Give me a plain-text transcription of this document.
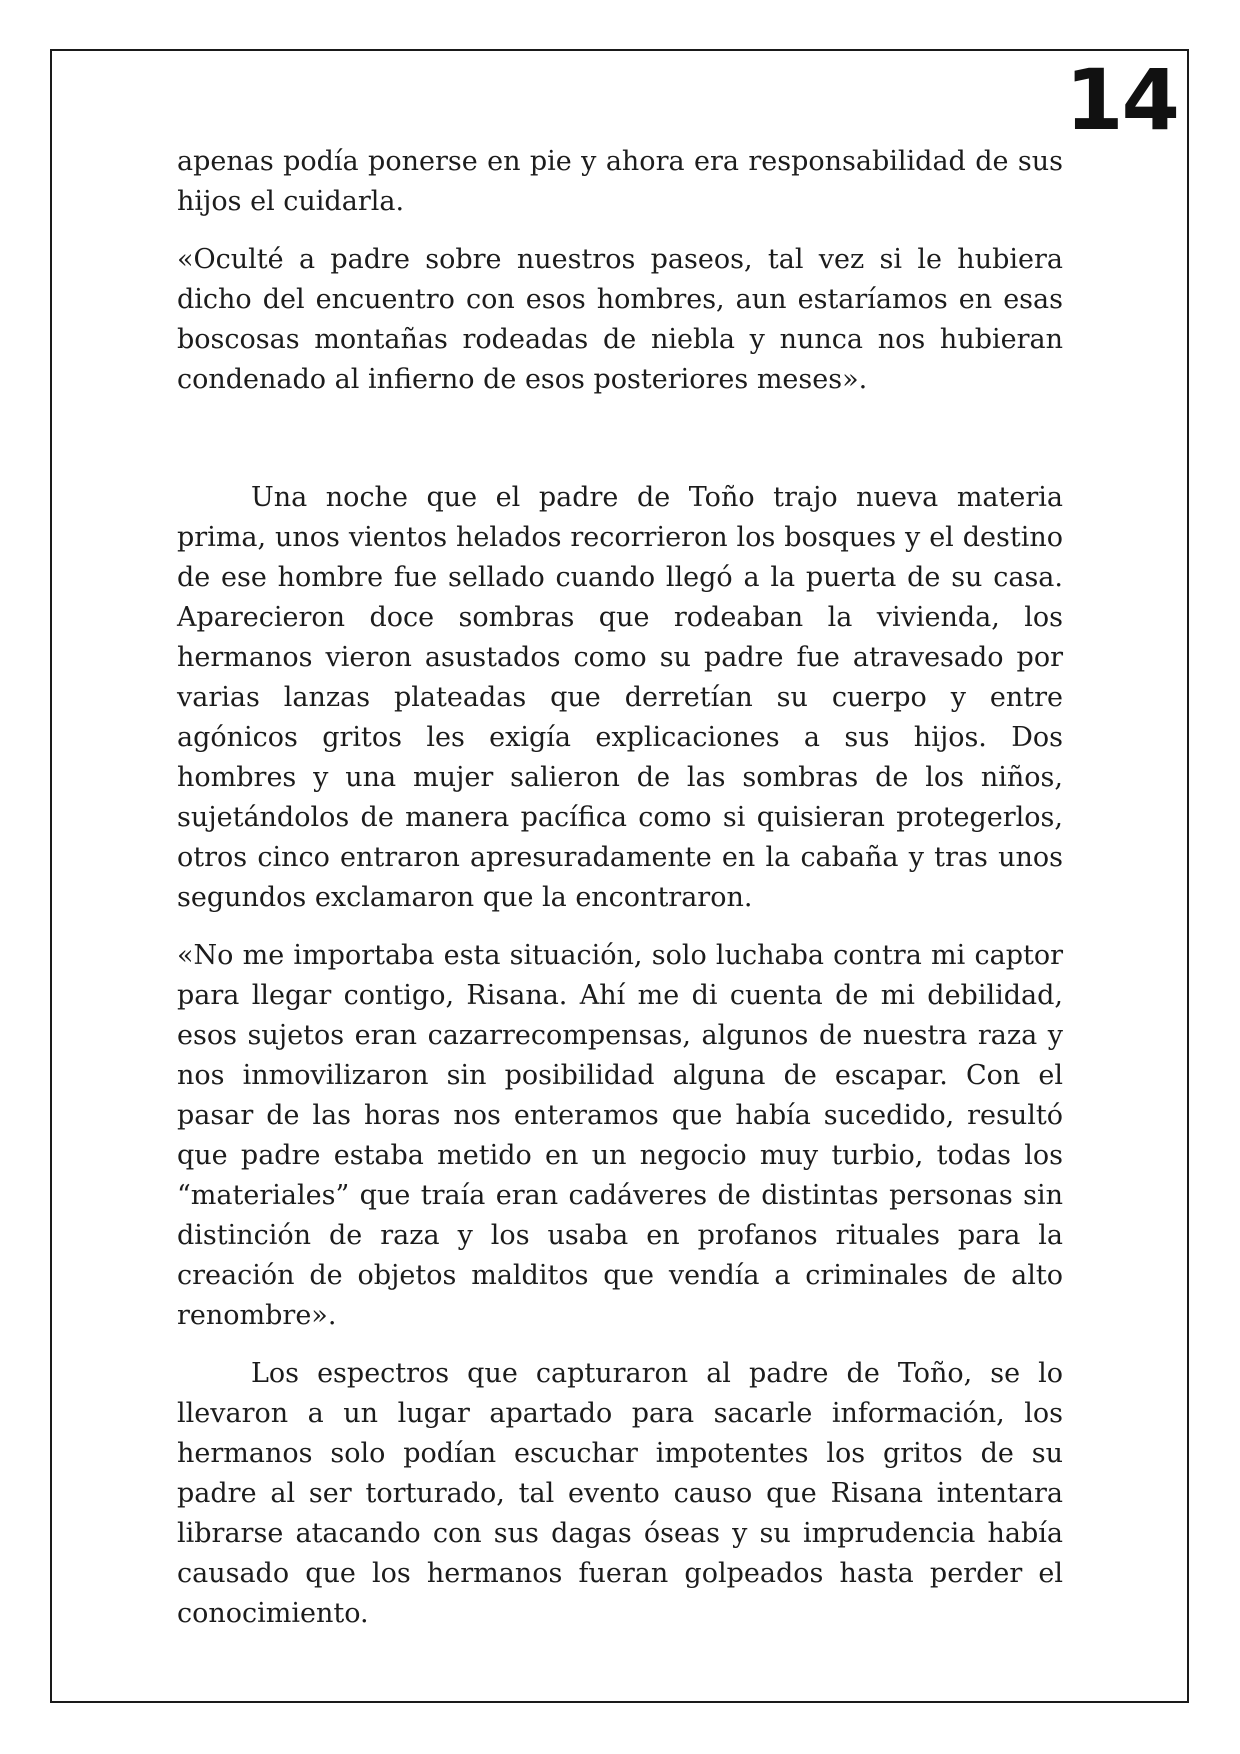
14

apenas podía ponerse en pie y ahora era responsabilidad de sus hijos el cuidarla.

«Oculté a padre sobre nuestros paseos, tal vez si le hubiera dicho del encuentro con esos hombres, aun estaríamos en esas boscosas montañas rodeadas de niebla y nunca nos hubieran condenado al infierno de esos posteriores meses».

Una noche que el padre de Toño trajo nueva materia prima, unos vientos helados recorrieron los bosques y el destino de ese hombre fue sellado cuando llegó a la puerta de su casa. Aparecieron doce sombras que rodeaban la vivienda, los hermanos vieron asustados como su padre fue atravesado por varias lanzas plateadas que derretían su cuerpo y entre agónicos gritos les exigía explicaciones a sus hijos. Dos hombres y una mujer salieron de las sombras de los niños, sujetándolos de manera pacífica como si quisieran protegerlos, otros cinco entraron apresuradamente en la cabaña y tras unos segundos exclamaron que la encontraron.

«No me importaba esta situación, solo luchaba contra mi captor para llegar contigo, Risana. Ahí me di cuenta de mi debilidad, esos sujetos eran cazarrecompensas, algunos de nuestra raza y nos inmovilizaron sin posibilidad alguna de escapar. Con el pasar de las horas nos enteramos que había sucedido, resultó que padre estaba metido en un negocio muy turbio, todas los “materiales” que traía eran cadáveres de distintas personas sin distinción de raza y los usaba en profanos rituales para la creación de objetos malditos que vendía a criminales de alto renombre».

Los espectros que capturaron al padre de Toño, se lo llevaron a un lugar apartado para sacarle información, los hermanos solo podían escuchar impotentes los gritos de su padre al ser torturado, tal evento causo que Risana intentara librarse atacando con sus dagas óseas y su imprudencia había causado que los hermanos fueran golpeados hasta perder el conocimiento.
